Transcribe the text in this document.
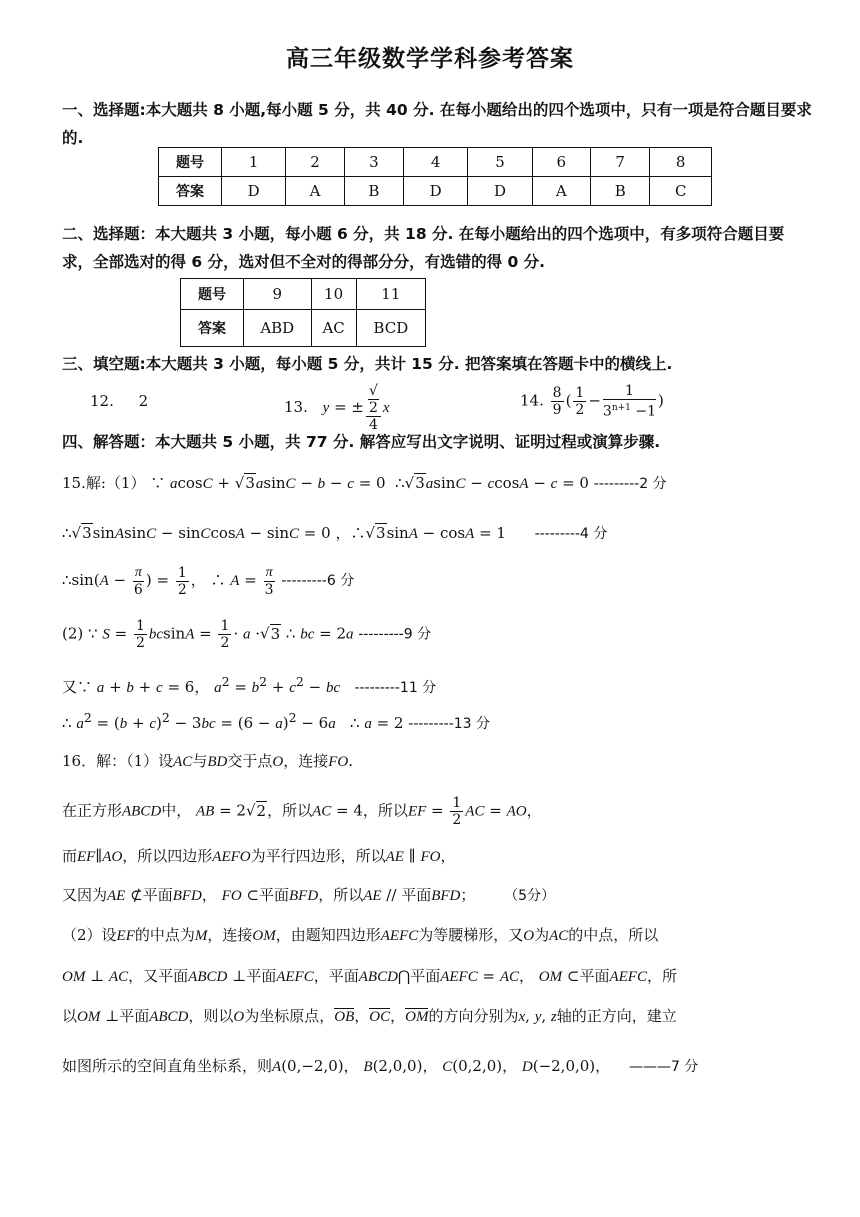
高三年级数学学科参考答案
一、选择题:本大题共 8 小题,每小题 5 分，共 40 分. 在每小题给出的四个选项中，只有一项是符合题目要求的.
题号	1	2	3	4	5	6	7	8
答案	D	A	B	D	D	A	B	C
二、选择题：本大题共 3 小题，每小题 6 分，共 18 分. 在每小题给出的四个选项中，有多项符合题目要求，全部选对的得 6 分，选对但不全对的得部分分，有选错的得 0 分.
题号	9	10	11
答案	ABD	AC	BCD
三、填空题:本大题共 3 小题，每小题 5 分，共计 15 分. 把答案填在答题卡中的横线上.
12. 2	13. y = ± √
2
4 x	14. $\frac{8}{9}$ ( $\frac{1}{2} - \frac{1}{3^{n+1} -1}$ )
四、解答题：本大题共 5 小题，共 77 分. 解答应写出文字说明、证明过程或演算步骤.
15.解:（1） ∵ acosC + √3asinC − b − c = 0  ∴√3asinC − ccosA − c = 0 ---------2 分
∴√3sinAsinC − sinCcosA − sinC = 0 ，∴√3sinA − cosA = 1      ---------4 分
∴sin(A − $\frac{\pi}{6}$ ) = $\frac{1}{2}$ ， ∴ $A = \frac{\pi}{3} ---------6$ 分
(2) ∵ $S = \frac{1}{2}$ $bcsinA = \frac{1}{2} \cdot a \cdot√3$ ∴ bc = 2a ---------9 分
又∵ a + b + c = 6， $a^2 = b^2 + c^2$ − bc ---------11 分
∴ $a^2 = (b + c)^2 - 3bc = (6 - a)^2 - 6a$   ∴ a = 2 ---------13 分
16．解：（1）设AC与BD交于点O，连接FO.
在正方形ABCD中， AB = 2√2，所以AC = 4，所以EF = $\frac{1}{2}$ AC = AO，
而EF∥AO，所以四边形AEFO为平行四边形，所以AE ∥ FO，
又因为AE ⊄平面BFD， FO ⊂平面BFD，所以AE // 平面BFD； （5分）
（2）设EF的中点为M，连接OM，由题知四边形AEFC为等腰梯形，又O为AC的中点，所以
OM ⊥ AC，又平面ABCD ⊥平面AEFC，平面ABCD⋂平面AEFC = AC， OM ⊂平面AEFC，所
以OM ⊥平面ABCD，则以O为坐标原点，OB，OC，OM的方向分别为x, y, z轴的正方向，建立
如图所示的空间直角坐标系，则A(0,−2,0)， B(2,0,0)， C(0,2,0)， D(−2,0,0)， ———7 分
